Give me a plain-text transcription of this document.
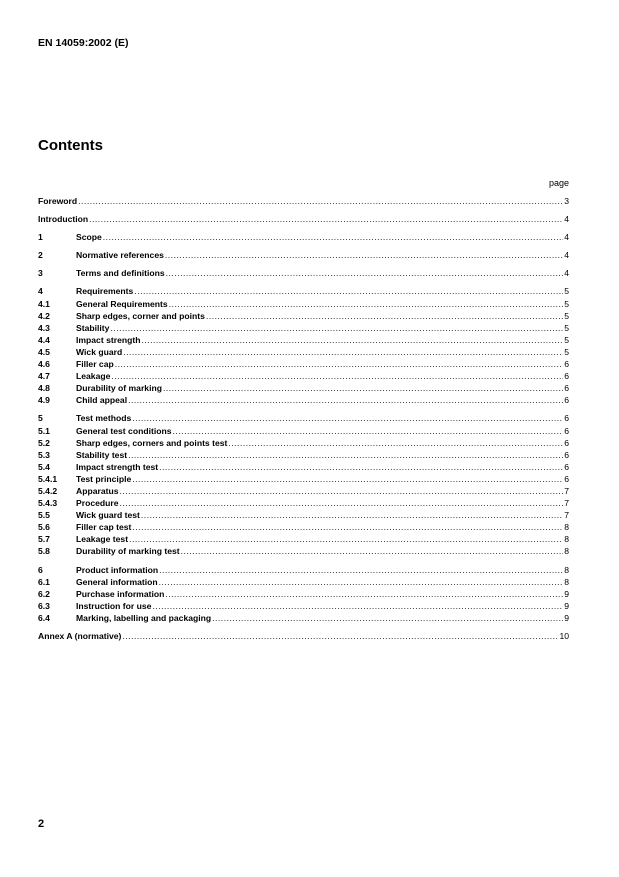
EN 14059:2002 (E)

Contents

page

Foreword .....	3
Introduction .....	4
1	Scope .....	4
2	Normative references .....	4
3	Terms and definitions .....	4
4	Requirements .....	5
4.1	General Requirements .....	5
4.2	Sharp edges, corner and points .....	5
4.3	Stability .....	5
4.4	Impact strength .....	5
4.5	Wick guard .....	5
4.6	Filler cap .....	6
4.7	Leakage .....	6
4.8	Durability of marking .....	6
4.9	Child appeal .....	6
5	Test methods .....	6
5.1	General test conditions .....	6
5.2	Sharp edges, corners and points test .....	6
5.3	Stability test .....	6
5.4	Impact strength test .....	6
5.4.1	Test principle .....	6
5.4.2	Apparatus .....	7
5.4.3	Procedure .....	7
5.5	Wick guard test .....	7
5.6	Filler cap test .....	8
5.7	Leakage test .....	8
5.8	Durability of marking test .....	8
6	Product information .....	8
6.1	General information .....	8
6.2	Purchase information .....	9
6.3	Instruction for use .....	9
6.4	Marking, labelling and packaging .....	9
Annex A (normative) .....	10

2
